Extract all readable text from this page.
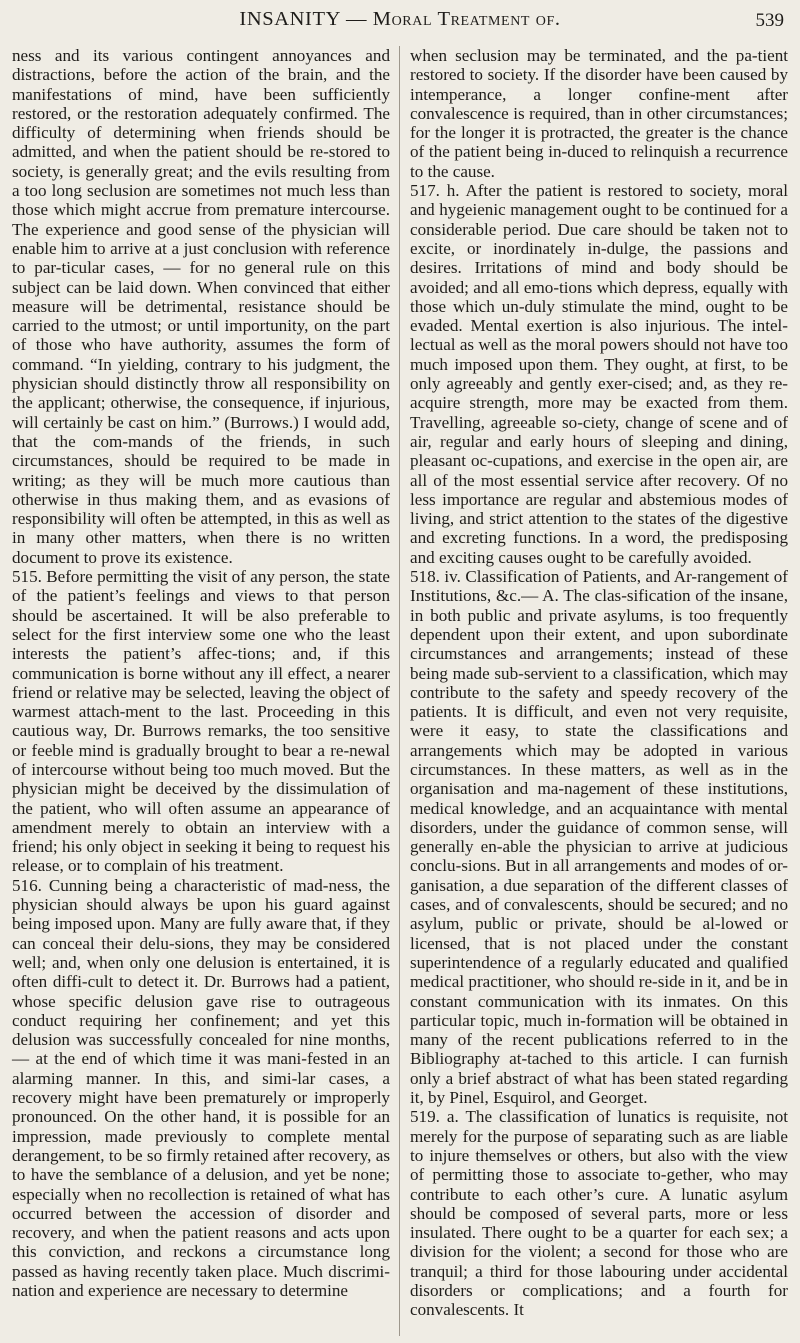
INSANITY — Moral Treatment of.	539

ness and its various contingent annoyances and distractions, before the action of the brain, and the manifestations of mind, have been sufficiently restored, or the restoration adequately confirmed. The difficulty of determining when friends should be admitted, and when the patient should be re-stored to society, is generally great; and the evils resulting from a too long seclusion are sometimes not much less than those which might accrue from premature intercourse. The experience and good sense of the physician will enable him to arrive at a just conclusion with reference to par-ticular cases, — for no general rule on this subject can be laid down. When convinced that either measure will be detrimental, resistance should be carried to the utmost; or until importunity, on the part of those who have authority, assumes the form of command. “In yielding, contrary to his judgment, the physician should distinctly throw all responsibility on the applicant; otherwise, the consequence, if injurious, will certainly be cast on him.” (Burrows.) I would add, that the com-mands of the friends, in such circumstances, should be required to be made in writing; as they will be much more cautious than otherwise in thus making them, and as evasions of responsibility will often be attempted, in this as well as in many other matters, when there is no written document to prove its existence.

515. Before permitting the visit of any person, the state of the patient’s feelings and views to that person should be ascertained. It will be also preferable to select for the first interview some one who the least interests the patient’s affec-tions; and, if this communication is borne without any ill effect, a nearer friend or relative may be selected, leaving the object of warmest attach-ment to the last. Proceeding in this cautious way, Dr. Burrows remarks, the too sensitive or feeble mind is gradually brought to bear a re-newal of intercourse without being too much moved. But the physician might be deceived by the dissimulation of the patient, who will often assume an appearance of amendment merely to obtain an interview with a friend; his only object in seeking it being to request his release, or to complain of his treatment.

516. Cunning being a characteristic of mad-ness, the physician should always be upon his guard against being imposed upon. Many are fully aware that, if they can conceal their delu-sions, they may be considered well; and, when only one delusion is entertained, it is often diffi-cult to detect it. Dr. Burrows had a patient, whose specific delusion gave rise to outrageous conduct requiring her confinement; and yet this delusion was successfully concealed for nine months, — at the end of which time it was mani-fested in an alarming manner. In this, and simi-lar cases, a recovery might have been prematurely or improperly pronounced. On the other hand, it is possible for an impression, made previously to complete mental derangement, to be so firmly retained after recovery, as to have the semblance of a delusion, and yet be none; especially when no recollection is retained of what has occurred between the accession of disorder and recovery, and when the patient reasons and acts upon this conviction, and reckons a circumstance long passed as having recently taken place. Much discrimi-nation and experience are necessary to determine

when seclusion may be terminated, and the pa-tient restored to society. If the disorder have been caused by intemperance, a longer confine-ment after convalescence is required, than in other circumstances; for the longer it is protracted, the greater is the chance of the patient being in-duced to relinquish a recurrence to the cause.

517. h. After the patient is restored to society, moral and hygeienic management ought to be continued for a considerable period. Due care should be taken not to excite, or inordinately in-dulge, the passions and desires. Irritations of mind and body should be avoided; and all emo-tions which depress, equally with those which un-duly stimulate the mind, ought to be evaded. Mental exertion is also injurious. The intel-lectual as well as the moral powers should not have too much imposed upon them. They ought, at first, to be only agreeably and gently exer-cised; and, as they re-acquire strength, more may be exacted from them. Travelling, agreeable so-ciety, change of scene and of air, regular and early hours of sleeping and dining, pleasant oc-cupations, and exercise in the open air, are all of the most essential service after recovery. Of no less importance are regular and abstemious modes of living, and strict attention to the states of the digestive and excreting functions. In a word, the predisposing and exciting causes ought to be carefully avoided.

518. iv. Classification of Patients, and Ar-rangement of Institutions, &c.— A. The clas-sification of the insane, in both public and private asylums, is too frequently dependent upon their extent, and upon subordinate circumstances and arrangements; instead of these being made sub-servient to a classification, which may contribute to the safety and speedy recovery of the patients. It is difficult, and even not very requisite, were it easy, to state the classifications and arrangements which may be adopted in various circumstances. In these matters, as well as in the organisation and ma-nagement of these institutions, medical knowledge, and an acquaintance with mental disorders, under the guidance of common sense, will generally en-able the physician to arrive at judicious conclu-sions. But in all arrangements and modes of or-ganisation, a due separation of the different classes of cases, and of convalescents, should be secured; and no asylum, public or private, should be al-lowed or licensed, that is not placed under the constant superintendence of a regularly educated and qualified medical practitioner, who should re-side in it, and be in constant communication with its inmates. On this particular topic, much in-formation will be obtained in many of the recent publications referred to in the Bibliography at-tached to this article. I can furnish only a brief abstract of what has been stated regarding it, by Pinel, Esquirol, and Georget.

519. a. The classification of lunatics is requisite, not merely for the purpose of separating such as are liable to injure themselves or others, but also with the view of permitting those to associate to-gether, who may contribute to each other’s cure. A lunatic asylum should be composed of several parts, more or less insulated. There ought to be a quarter for each sex; a division for the violent; a second for those who are tranquil; a third for those labouring under accidental disorders or complications; and a fourth for convalescents. It
